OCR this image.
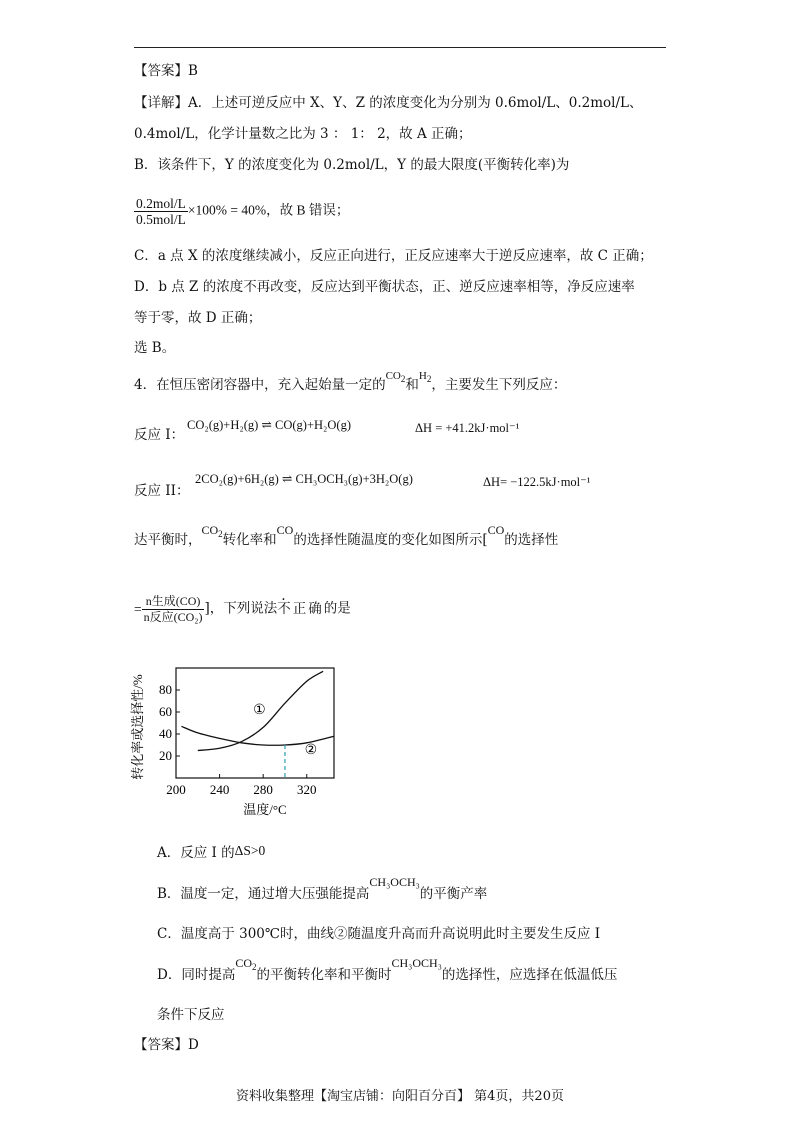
【答案】B
【详解】A．上述可逆反应中 X、Y、Z 的浓度变化为分别为 0.6mol/L、0.2mol/L、
0.4mol/L，化学计量数之比为 3 ： 1： 2，故 A 正确；
B．该条件下，Y 的浓度变化为 0.2mol/L，Y 的最大限度(平衡转化率)为
$\frac{\text{0.2mol/L}}{\text{0.5mol/L}} \times 100\% = 40\%$，故 B 错误；
C．a 点 X 的浓度继续减小，反应正向进行，正反应速率大于逆反应速率，故 C 正确；
D．b 点 Z 的浓度不再改变，反应达到平衡状态，正、逆反应速率相等，净反应速率
等于零，故 D 正确；
选 B。
4．在恒压密闭容器中，充入起始量一定的$^{CO_2}$和$^{H_2}$，主要发生下列反应：
反应 I：
CO₂(g)+H₂(g) ⇌ CO(g)+H₂O(g)	ΔH = +41.2kJ·mol⁻¹
反应 II：
2CO₂(g)+6H₂(g) ⇌ CH₃OCH₃(g)+3H₂O(g)	ΔH= −122.5kJ·mol⁻¹
达平衡时，$CO_2$转化率和CO的选择性随温度的变化如图所示[CO的选择性
= $\frac{\text{n生成(CO)}}{\text{n反应(CO₂)}}$ ]，下列说法不正确的是
200 240 280 320
20
40
60
80
温度/°C
转化率或选择性/%	①
②
A．反应 I 的ΔS>0
B．温度一定，通过增大压强能提高CH₃OCH₃的平衡产率
C．温度高于 300℃时，曲线②随温度升高而升高说明此时主要发生反应 I
D．同时提高$CO_2$的平衡转化率和平衡时CH₃OCH₃的选择性，应选择在低温低压
条件下反应
【答案】D
资料收集整理【淘宝店铺：向阳百分百】 第4页，共20页
